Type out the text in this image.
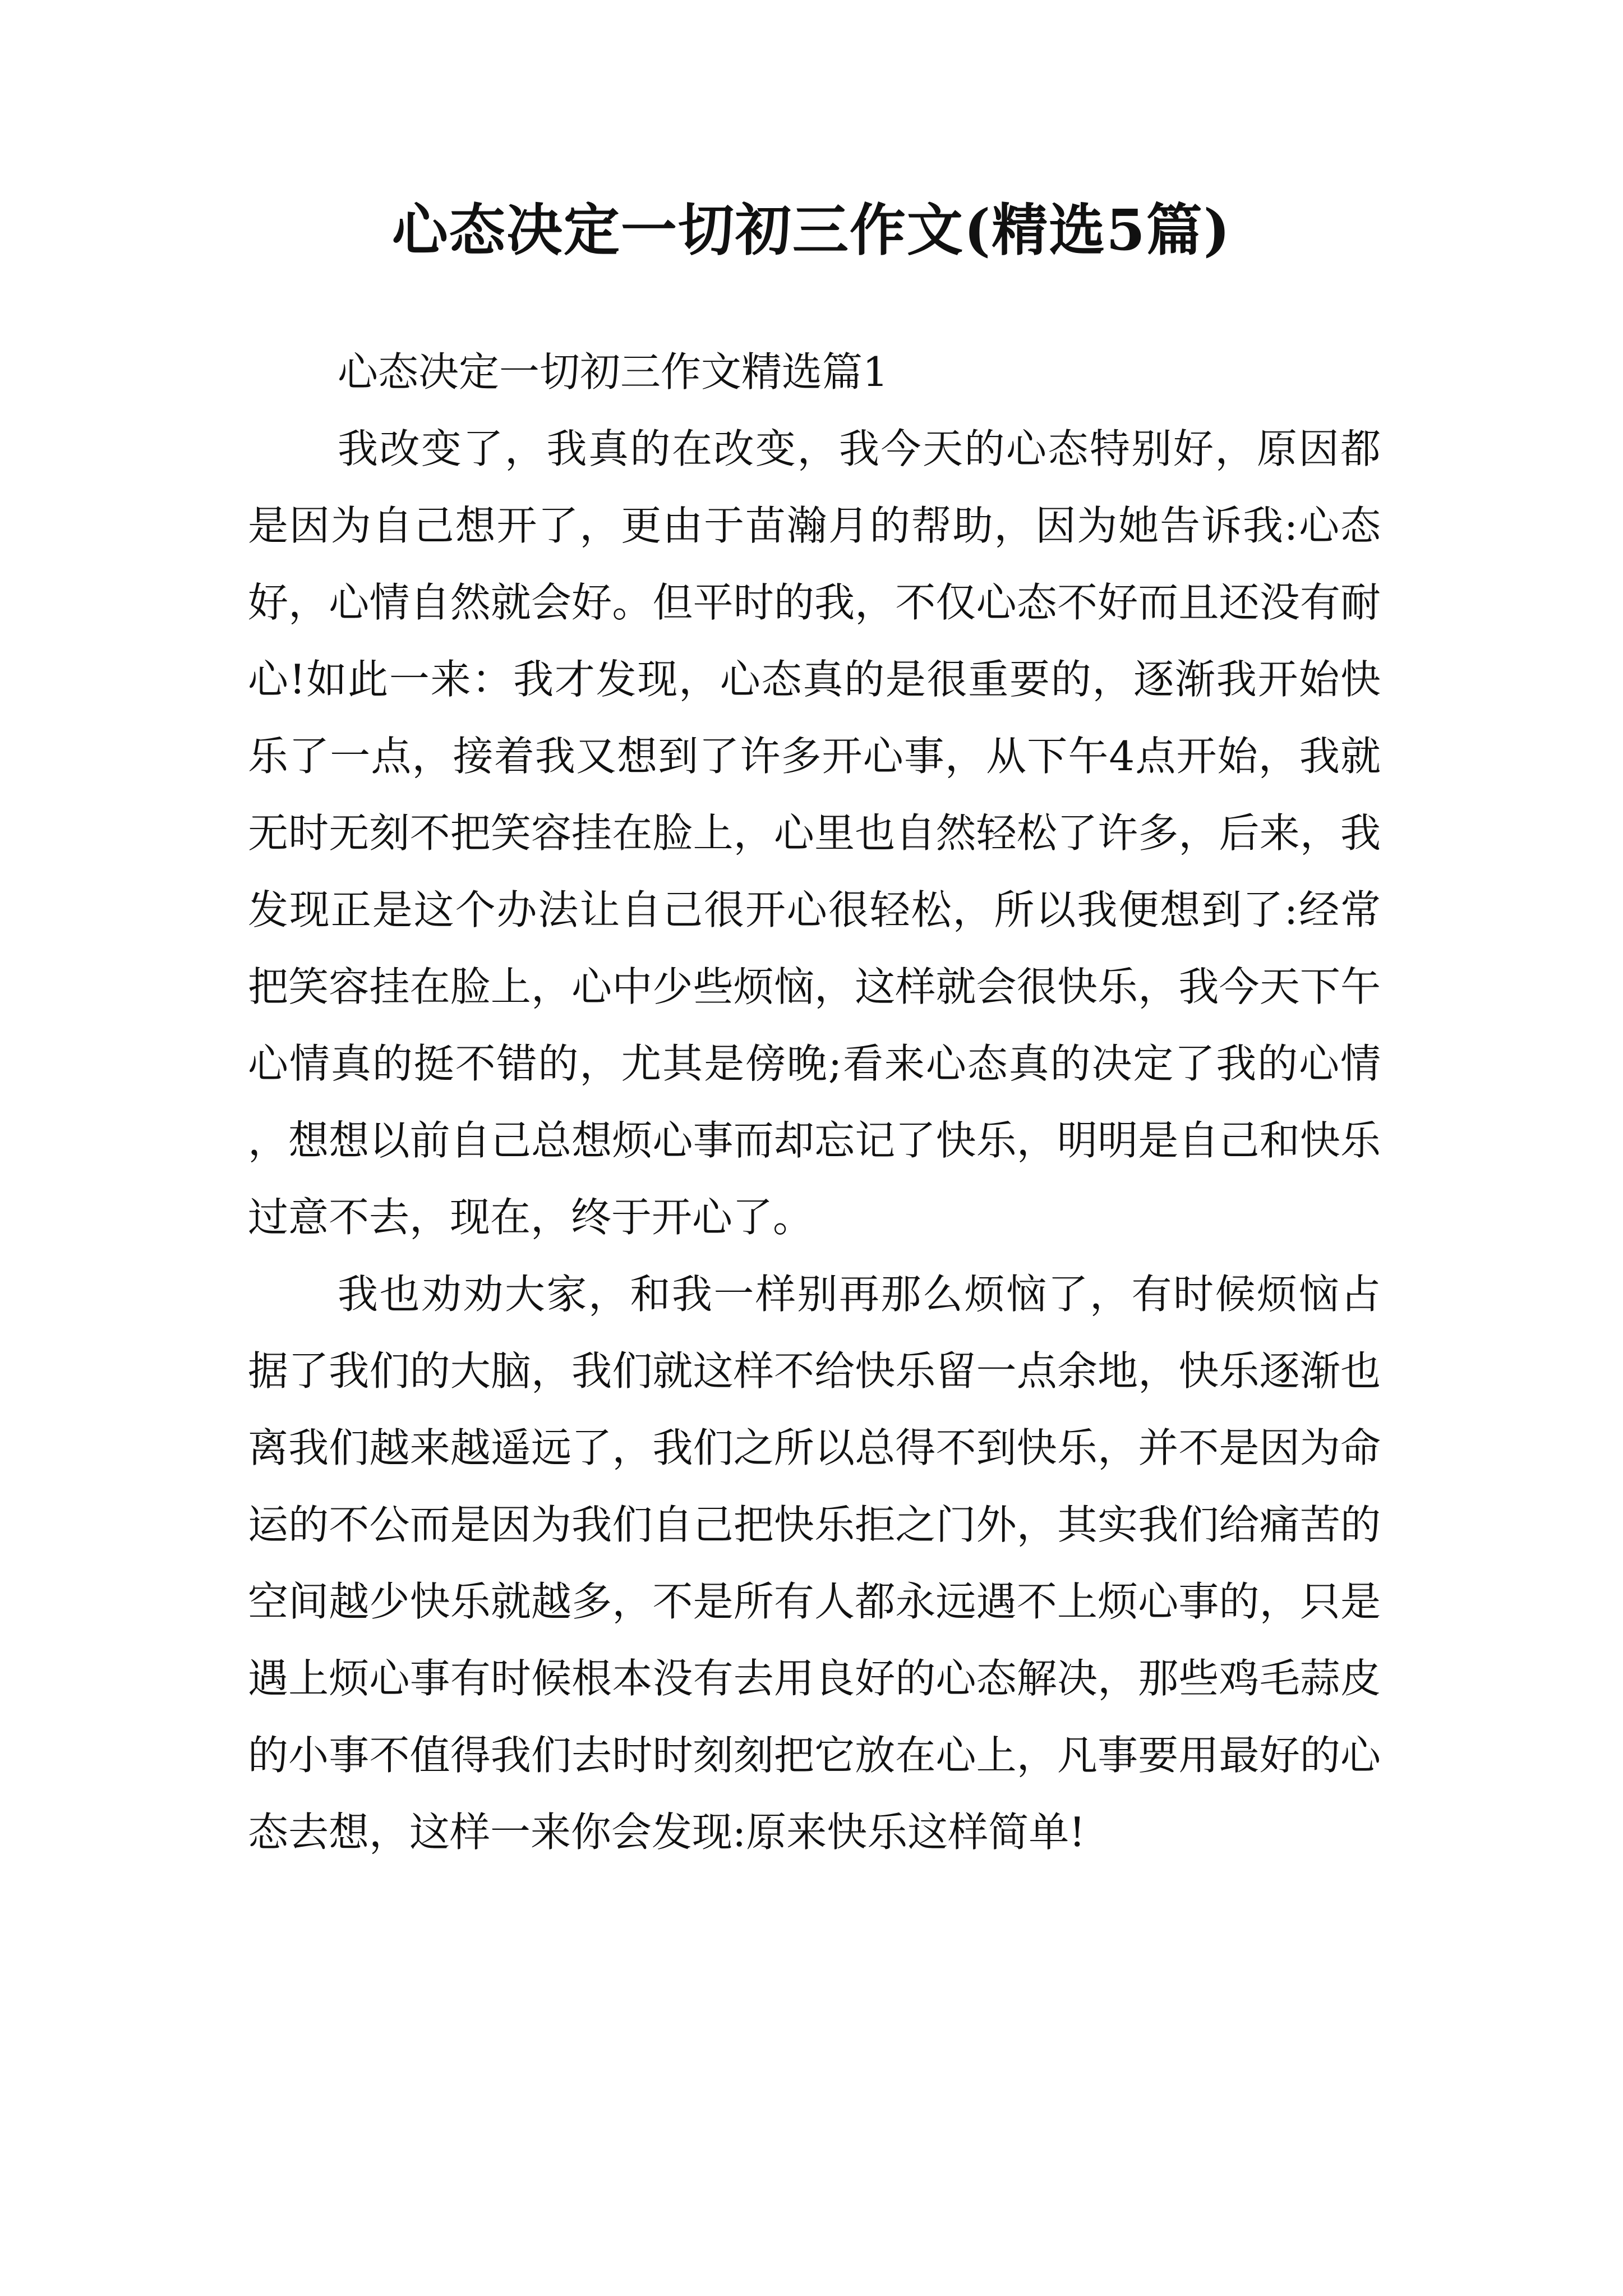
心态决定一切初三作文(精选5篇)

心态决定一切初三作文精选篇1

我改变了，我真的在改变，我今天的心态特别好，原因都是因为自己想开了，更由于苗瀚月的帮助，因为她告诉我:心态好，心情自然就会好。但平时的我，不仅心态不好而且还没有耐心!如此一来：我才发现，心态真的是很重要的，逐渐我开始快乐了一点，接着我又想到了许多开心事，从下午4点开始，我就无时无刻不把笑容挂在脸上，心里也自然轻松了许多，后来，我发现正是这个办法让自己很开心很轻松，所以我便想到了:经常把笑容挂在脸上，心中少些烦恼，这样就会很快乐，我今天下午心情真的挺不错的，尤其是傍晚;看来心态真的决定了我的心情，想想以前自己总想烦心事而却忘记了快乐，明明是自己和快乐过意不去，现在，终于开心了。

我也劝劝大家，和我一样别再那么烦恼了，有时候烦恼占据了我们的大脑，我们就这样不给快乐留一点余地，快乐逐渐也离我们越来越遥远了，我们之所以总得不到快乐，并不是因为命运的不公而是因为我们自己把快乐拒之门外，其实我们给痛苦的空间越少快乐就越多，不是所有人都永远遇不上烦心事的，只是遇上烦心事有时候根本没有去用良好的心态解决，那些鸡毛蒜皮的小事不值得我们去时时刻刻把它放在心上，凡事要用最好的心态去想，这样一来你会发现:原来快乐这样简单!
